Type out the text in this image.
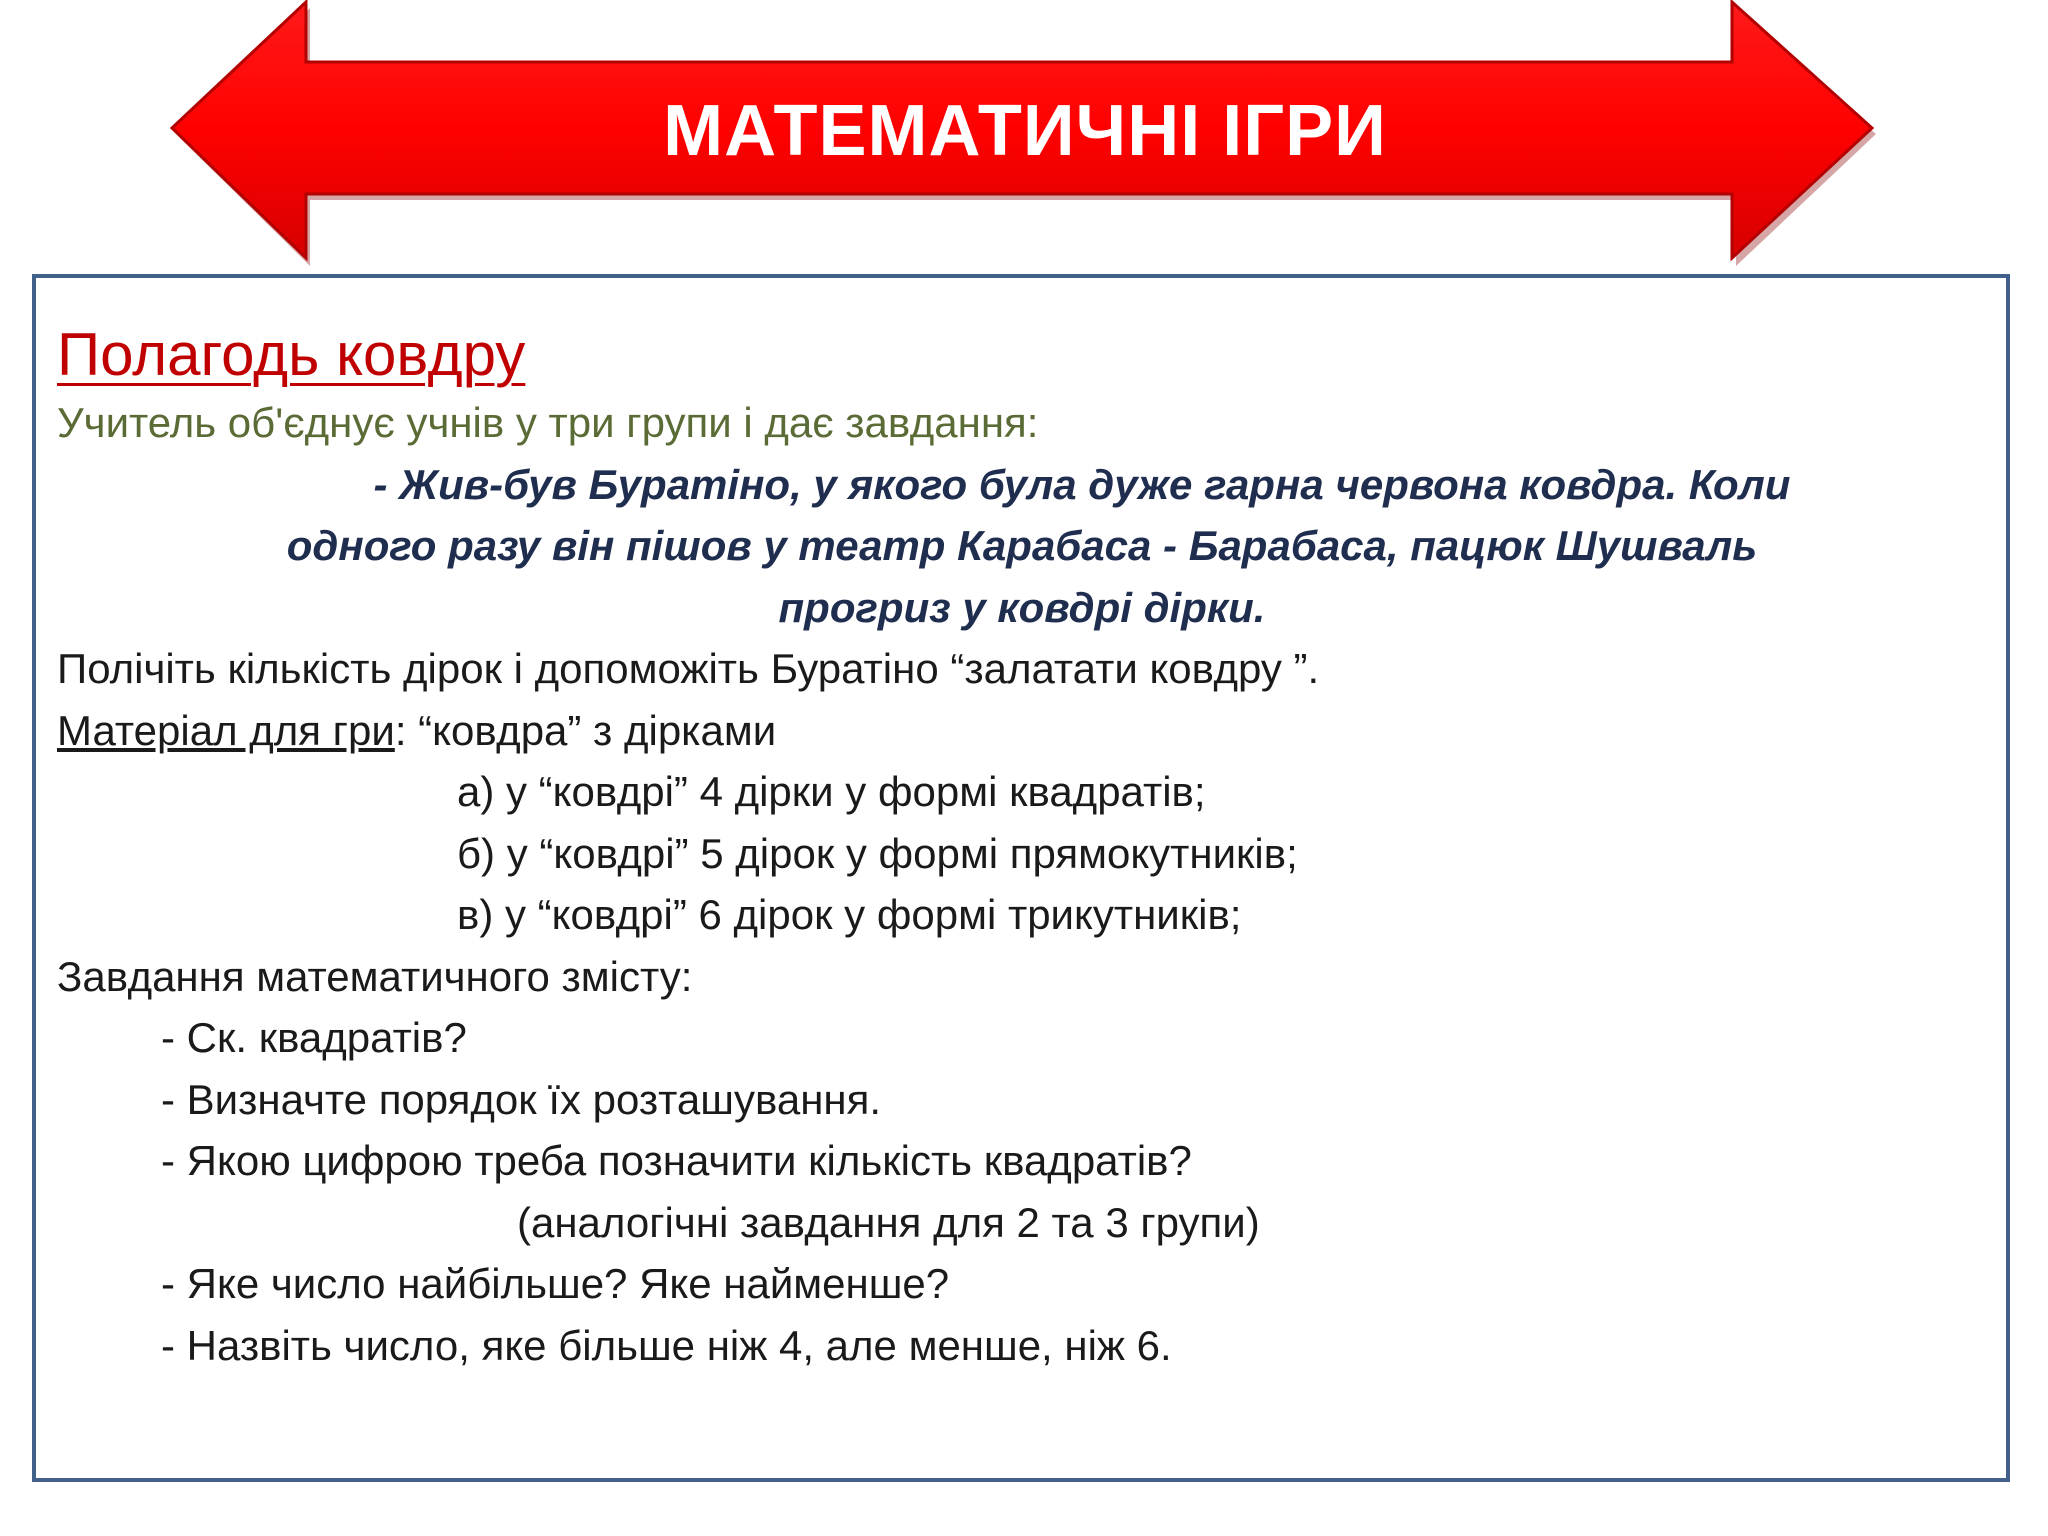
МАТЕМАТИЧНІ ІГРИ
Полагодь ковдру
Учитель об'єднує учнів у три групи і дає завдання:
- Жив-був Буратіно, у якого була дуже гарна червона ковдра. Коли
одного разу він пішов у театр Карабаса - Барабаса, пацюк Шушваль
прогриз у ковдрі дірки.
Полічіть кількість дірок і допоможіть Буратіно “залатати ковдру ”.
Матеріал для гри: “ковдра” з дірками
а) у “ковдрі” 4 дірки у формі квадратів;
б) у “ковдрі” 5 дірок у формі прямокутників;
в) у “ковдрі” 6 дірок у формі трикутників;
Завдання математичного змісту:
- Ск. квадратів?
- Визначте порядок їх розташування.
- Якою цифрою треба позначити кількість квадратів?
(аналогічні завдання для 2 та 3 групи)
- Яке число найбільше? Яке найменше?
- Назвіть число, яке більше ніж 4, але менше, ніж 6.
